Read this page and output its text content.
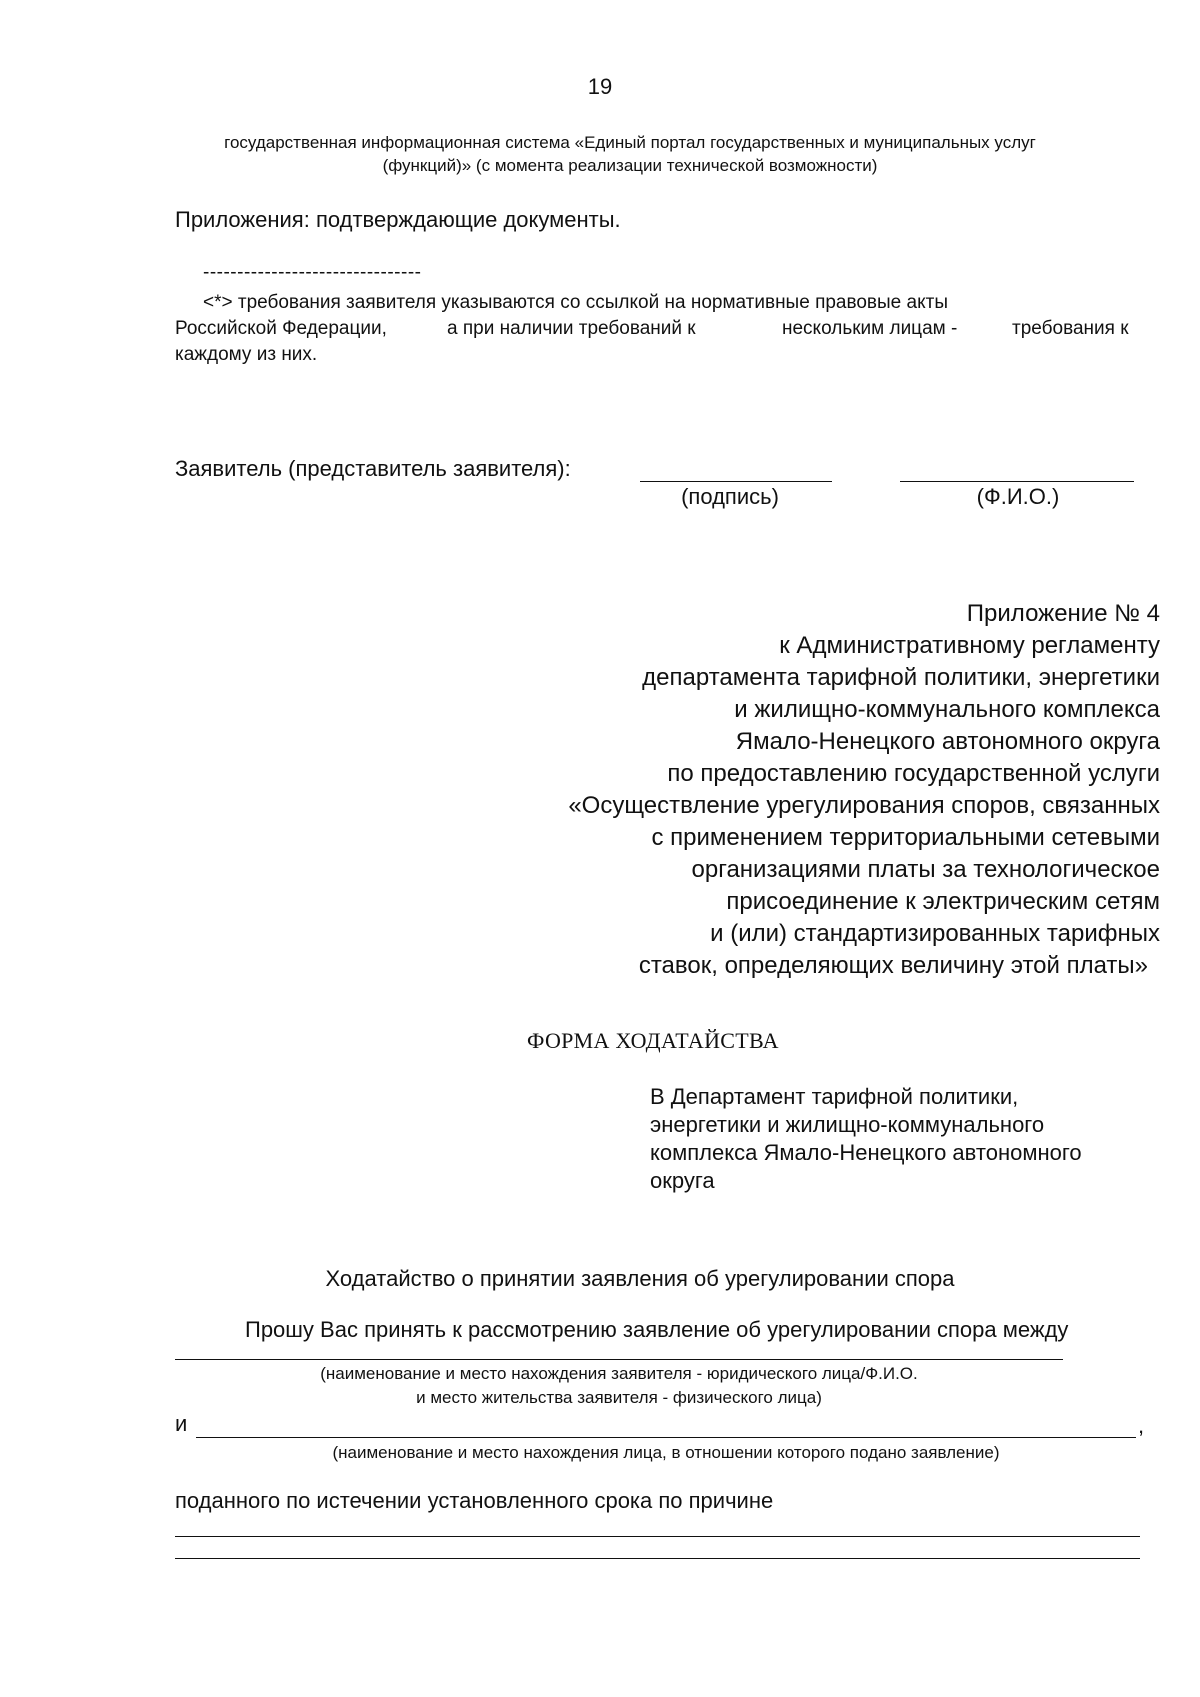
19
государственная информационная система «Единый портал государственных и муниципальных услуг
(функций)» (с момента реализации технической возможности)
Приложения: подтверждающие документы.
--------------------------------
<*> требования заявителя указываются со ссылкой на нормативные правовые акты
Российской Федерации,	а при наличии требований к	нескольким лицам -	требования к
каждому из них.
Заявитель (представитель заявителя):
(подпись)	(Ф.И.О.)
Приложение № 4
к Административному регламенту
департамента тарифной политики, энергетики
и жилищно-коммунального комплекса
Ямало-Ненецкого автономного округа
по предоставлению государственной услуги
«Осуществление урегулирования споров, связанных
с применением территориальными сетевыми
организациями платы за технологическое
присоединение к электрическим сетям
и (или) стандартизированных тарифных
ставок, определяющих величину этой платы»
ФОРМА ХОДАТАЙСТВА
В Департамент тарифной политики,
энергетики и жилищно-коммунального
комплекса Ямало-Ненецкого автономного
округа
Ходатайство о принятии заявления об урегулировании спора
Прошу Вас принять к рассмотрению заявление об урегулировании спора между
(наименование и место нахождения заявителя - юридического лица/Ф.И.О.
и место жительства заявителя - физического лица)
и	,
(наименование и место нахождения лица, в отношении которого подано заявление)
поданного по истечении установленного срока по причине
